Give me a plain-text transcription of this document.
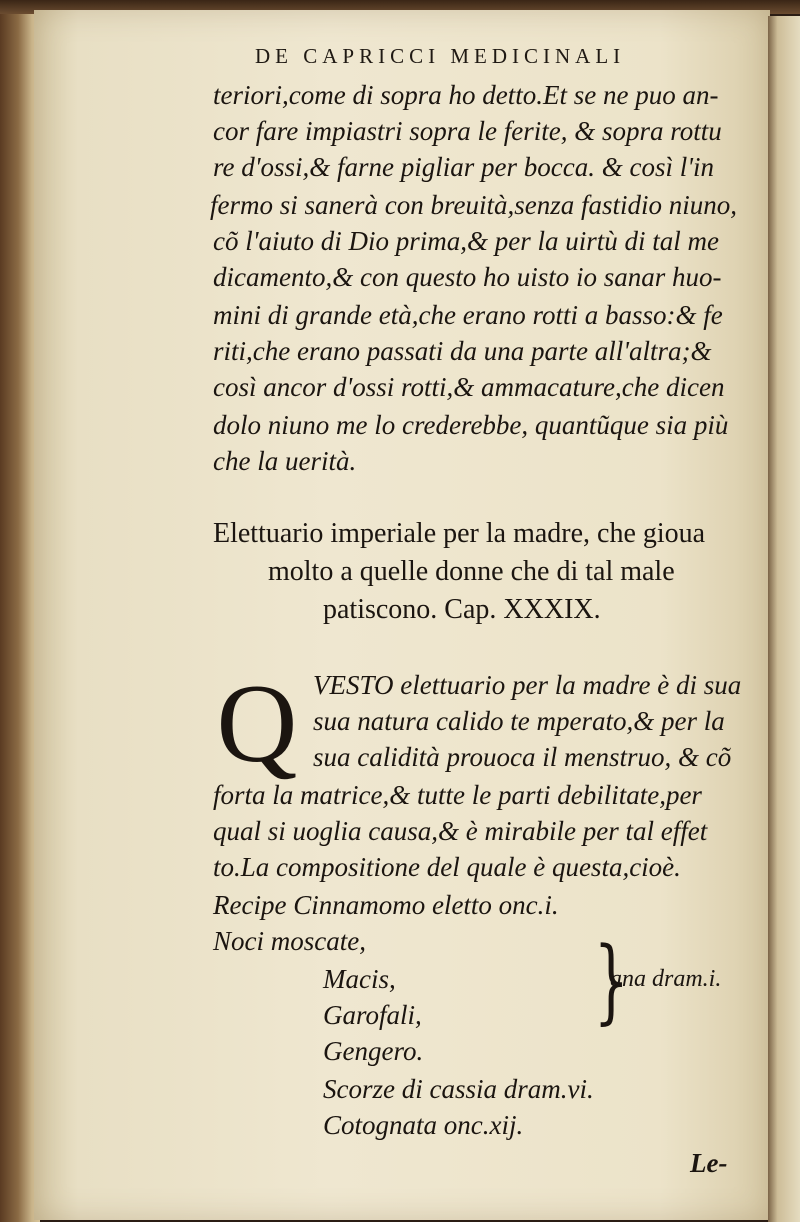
DE CAPRICCI MEDICINALI
teriori,come di sopra ho detto.Et se ne puo an-
cor fare impiastri sopra le ferite, & sopra rottu
re d'ossi,& farne pigliar per bocca. & così l'in
fermo si sanerà con breuità,senza fastidio niuno,
cõ l'aiuto di Dio prima,& per la uirtù di tal me
dicamento,& con questo ho uisto io sanar huo-
mini di grande età,che erano rotti a basso:& fe
riti,che erano passati da una parte all'altra;&
così ancor d'ossi rotti,& ammacature,che dicen
dolo niuno me lo crederebbe, quantũque sia più
che la uerità.
Elettuario imperiale per la madre, che gioua
molto a quelle donne che di tal male
patiscono. Cap. XXXIX.
Q VESTO elettuario per la madre è di sua
sua natura calido te mperato,& per la
sua calidità prouoca il menstruo, & cõ
forta la matrice,& tutte le parti debilitate,per
qual si uoglia causa,& è mirabile per tal effet
to.La compositione del quale è questa,cioè.
Recipe Cinnamomo eletto onc.i.
Noci moscate,
Macis,
Garofali,
Gengero.
Scorze di cassia dram.vi.
Cotognata onc.xij.
}
ana dram.i.
Le-
